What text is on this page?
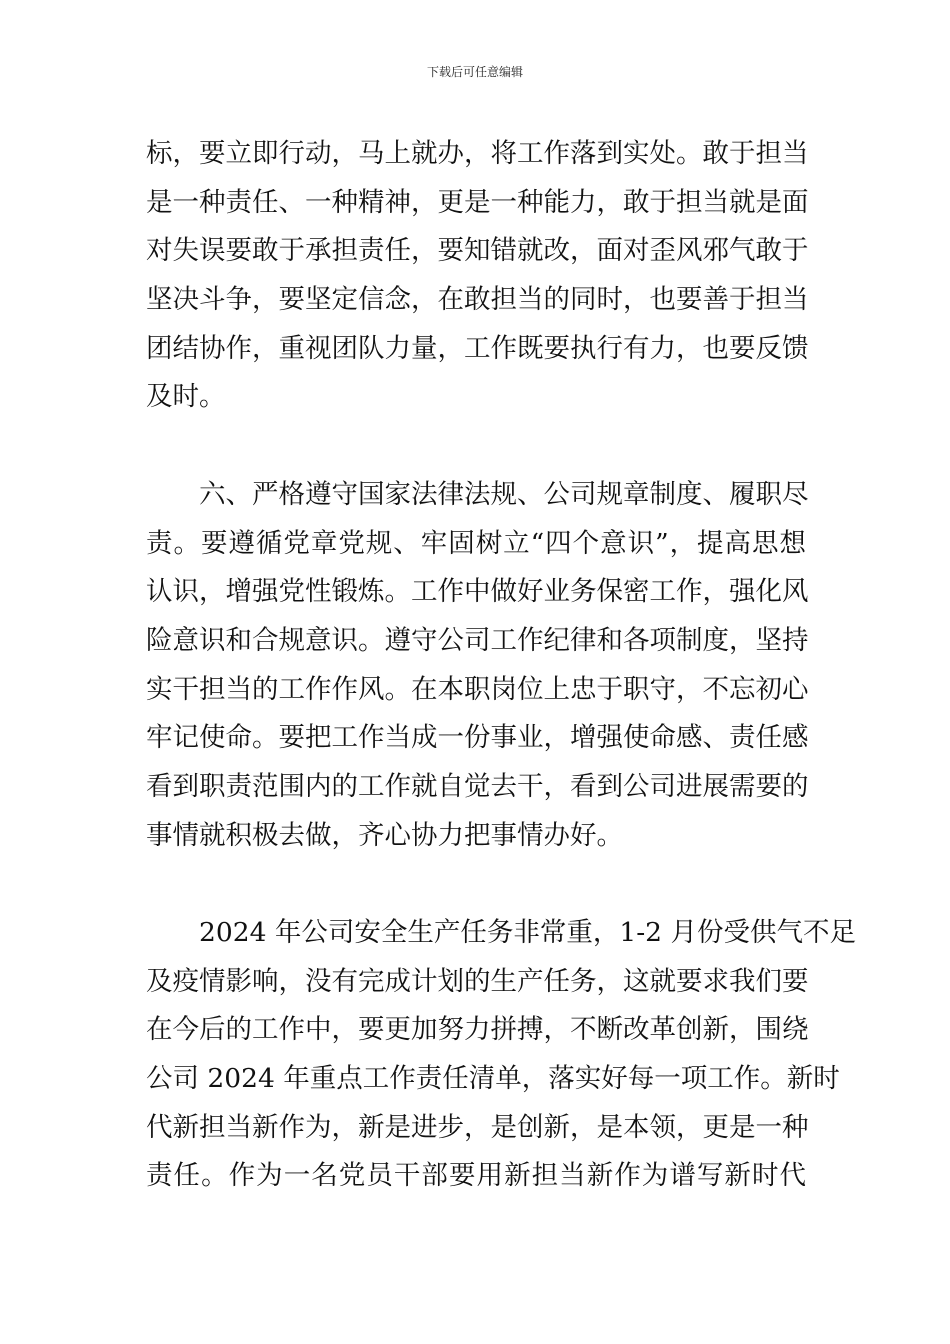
下载后可任意编辑
标，要立即行动，马上就办，将工作落到实处。敢于担当
是一种责任、一种精神，更是一种能力，敢于担当就是面
对失误要敢于承担责任，要知错就改，面对歪风邪气敢于
坚决斗争，要坚定信念，在敢担当的同时，也要善于担当
团结协作，重视团队力量，工作既要执行有力，也要反馈
及时。
　　六、严格遵守国家法律法规、公司规章制度、履职尽
责。要遵循党章党规、牢固树立“四个意识”，提高思想
认识，增强党性锻炼。工作中做好业务保密工作，强化风
险意识和合规意识。遵守公司工作纪律和各项制度，坚持
实干担当的工作作风。在本职岗位上忠于职守，不忘初心
牢记使命。要把工作当成一份事业，增强使命感、责任感
看到职责范围内的工作就自觉去干，看到公司进展需要的
事情就积极去做，齐心协力把事情办好。
　　2024 年公司安全生产任务非常重，1-2 月份受供气不足
及疫情影响，没有完成计划的生产任务，这就要求我们要
在今后的工作中，要更加努力拼搏，不断改革创新，围绕
公司 2024 年重点工作责任清单，落实好每一项工作。新时
代新担当新作为，新是进步，是创新，是本领，更是一种
责任。作为一名党员干部要用新担当新作为谱写新时代
